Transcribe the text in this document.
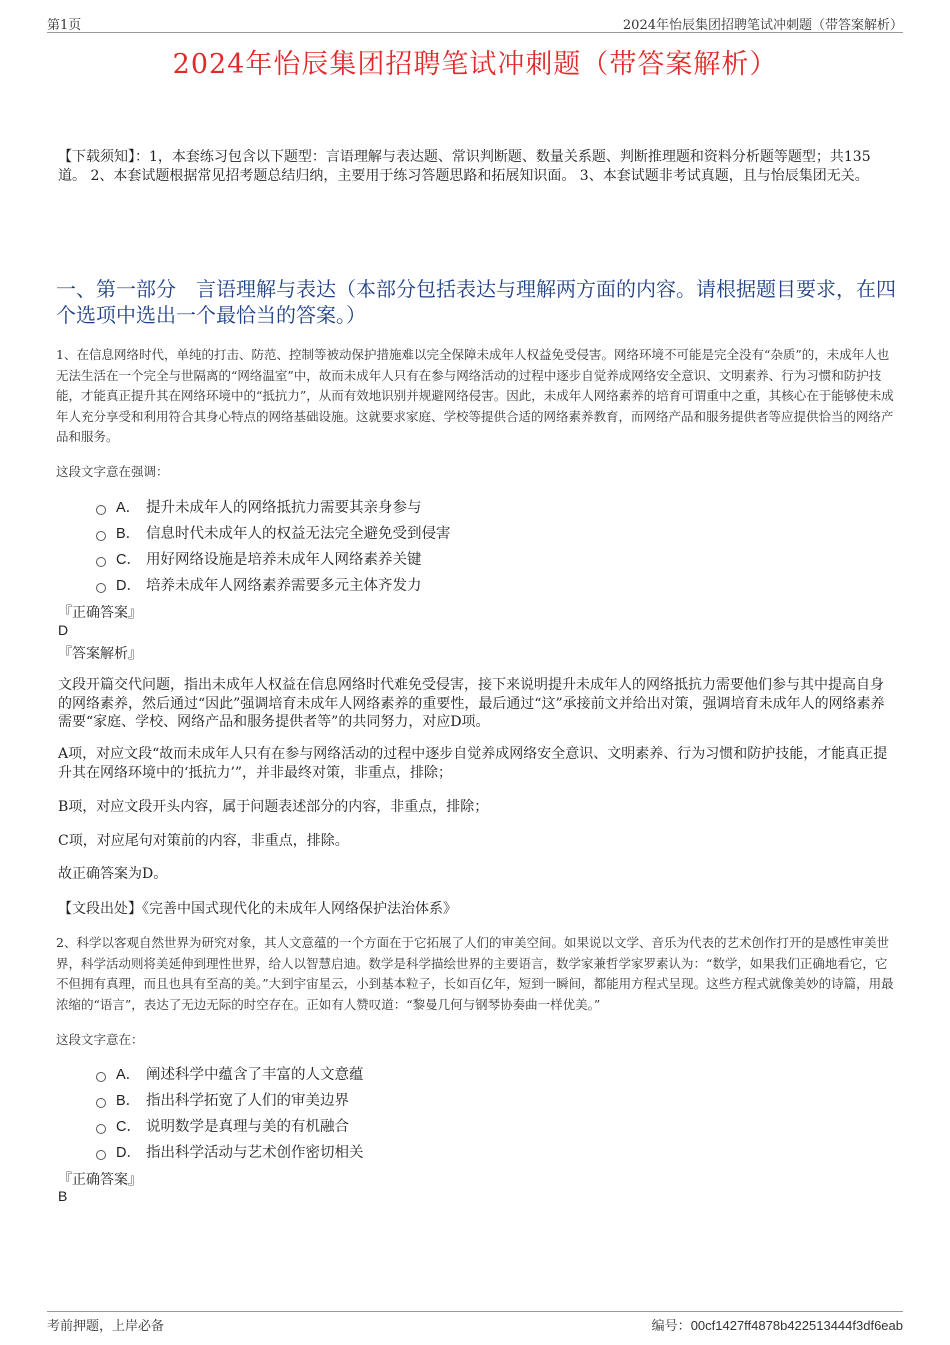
第1页	2024年怡辰集团招聘笔试冲刺题（带答案解析）
2024年怡辰集团招聘笔试冲刺题（带答案解析）
【下载须知】：1，本套练习包含以下题型：言语理解与表达题、常识判断题、数量关系题、判断推理题和资料分析题等题型；共135道。 2、本套试题根据常见招考题总结归纳，主要用于练习答题思路和拓展知识面。 3、本套试题非考试真题，且与怡辰集团无关。
一、第一部分　言语理解与表达（本部分包括表达与理解两方面的内容。请根据题目要求，在四个选项中选出一个最恰当的答案。）
1、在信息网络时代，单纯的打击、防范、控制等被动保护措施难以完全保障未成年人权益免受侵害。网络环境不可能是完全没有“杂质”的，未成年人也无法生活在一个完全与世隔离的“网络温室”中，故而未成年人只有在参与网络活动的过程中逐步自觉养成网络安全意识、文明素养、行为习惯和防护技能，才能真正提升其在网络环境中的“抵抗力”，从而有效地识别并规避网络侵害。因此，未成年人网络素养的培育可谓重中之重，其核心在于能够使未成年人充分享受和利用符合其身心特点的网络基础设施。这就要求家庭、学校等提供合适的网络素养教育，而网络产品和服务提供者等应提供恰当的网络产品和服务。
这段文字意在强调：
A． 提升未成年人的网络抵抗力需要其亲身参与
B． 信息时代未成年人的权益无法完全避免受到侵害
C． 用好网络设施是培养未成年人网络素养关键
D． 培养未成年人网络素养需要多元主体齐发力
『正确答案』
D
『答案解析』
文段开篇交代问题，指出未成年人权益在信息网络时代难免受侵害，接下来说明提升未成年人的网络抵抗力需要他们参与其中提高自身的网络素养，然后通过“因此”强调培育未成年人网络素养的重要性，最后通过“这”承接前文并给出对策，强调培育未成年人的网络素养需要“家庭、学校、网络产品和服务提供者等”的共同努力，对应D项。
A项，对应文段“故而未成年人只有在参与网络活动的过程中逐步自觉养成网络安全意识、文明素养、行为习惯和防护技能，才能真正提升其在网络环境中的‘抵抗力’”，并非最终对策，非重点，排除；
B项，对应文段开头内容，属于问题表述部分的内容，非重点，排除；
C项，对应尾句对策前的内容，非重点，排除。
故正确答案为D。
【文段出处】《完善中国式现代化的未成年人网络保护法治体系》
2、科学以客观自然世界为研究对象，其人文意蕴的一个方面在于它拓展了人们的审美空间。如果说以文学、音乐为代表的艺术创作打开的是感性审美世界，科学活动则将美延伸到理性世界，给人以智慧启迪。数学是科学描绘世界的主要语言，数学家兼哲学家罗素认为：“数学，如果我们正确地看它，它不但拥有真理，而且也具有至高的美。”大到宇宙星云，小到基本粒子，长如百亿年，短到一瞬间，都能用方程式呈现。这些方程式就像美妙的诗篇，用最浓缩的“语言”，表达了无边无际的时空存在。正如有人赞叹道：“黎曼几何与钢琴协奏曲一样优美。”
这段文字意在：
A． 阐述科学中蕴含了丰富的人文意蕴
B． 指出科学拓宽了人们的审美边界
C． 说明数学是真理与美的有机融合
D． 指出科学活动与艺术创作密切相关
『正确答案』
B
考前押题，上岸必备	编号：00cf1427ff4878b422513444f3df6eab
